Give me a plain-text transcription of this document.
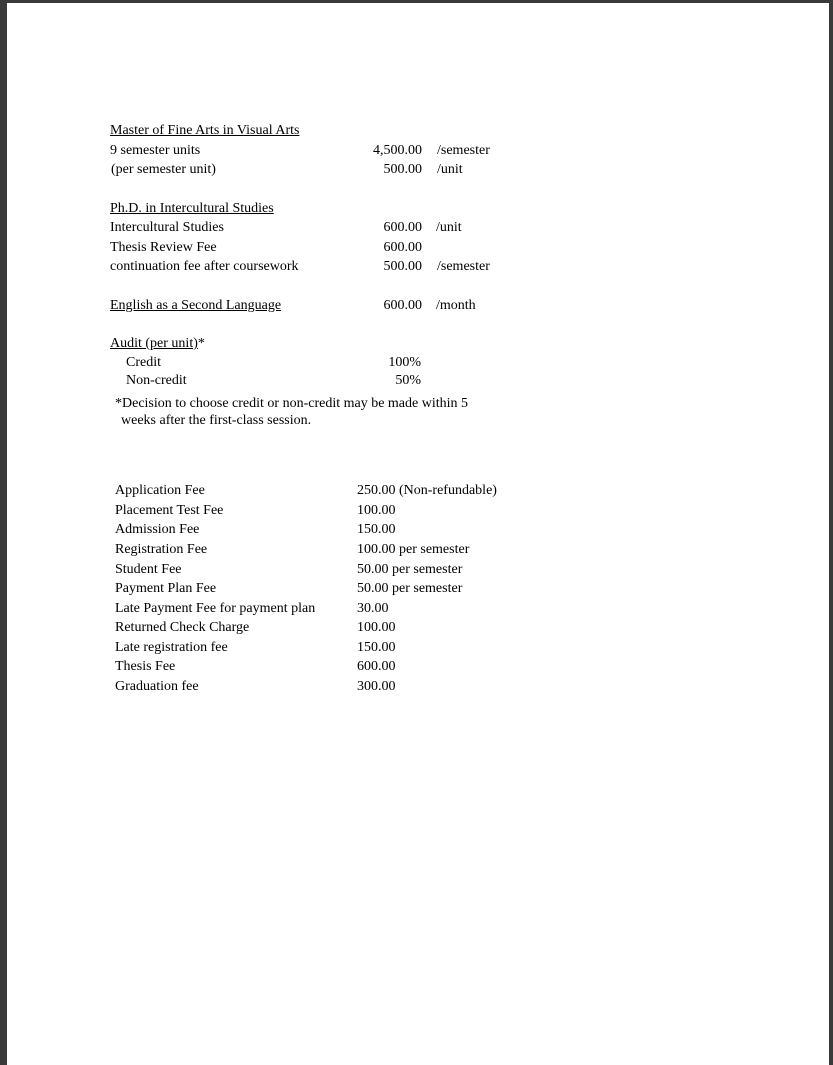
Master of Fine Arts in Visual Arts
9 semester units	4,500.00 /semester
(per semester unit)	500.00 /unit
Ph.D. in Intercultural Studies
Intercultural Studies	600.00 /unit
Thesis Review Fee	600.00
continuation fee after coursework	500.00 /semester
English as a Second Language	600.00 /month
Audit (per unit)*
Credit	100%
Non-credit	50%
*Decision to choose credit or non-credit may be made within 5
weeks after the first-class session.
Application Fee	250.00 (Non-refundable)
Placement Test Fee	100.00
Admission Fee	150.00
Registration Fee	100.00 per semester
Student Fee	50.00 per semester
Payment Plan Fee	50.00 per semester
Late Payment Fee for payment plan	30.00
Returned Check Charge	100.00
Late registration fee	150.00
Thesis Fee	600.00
Graduation fee	300.00
